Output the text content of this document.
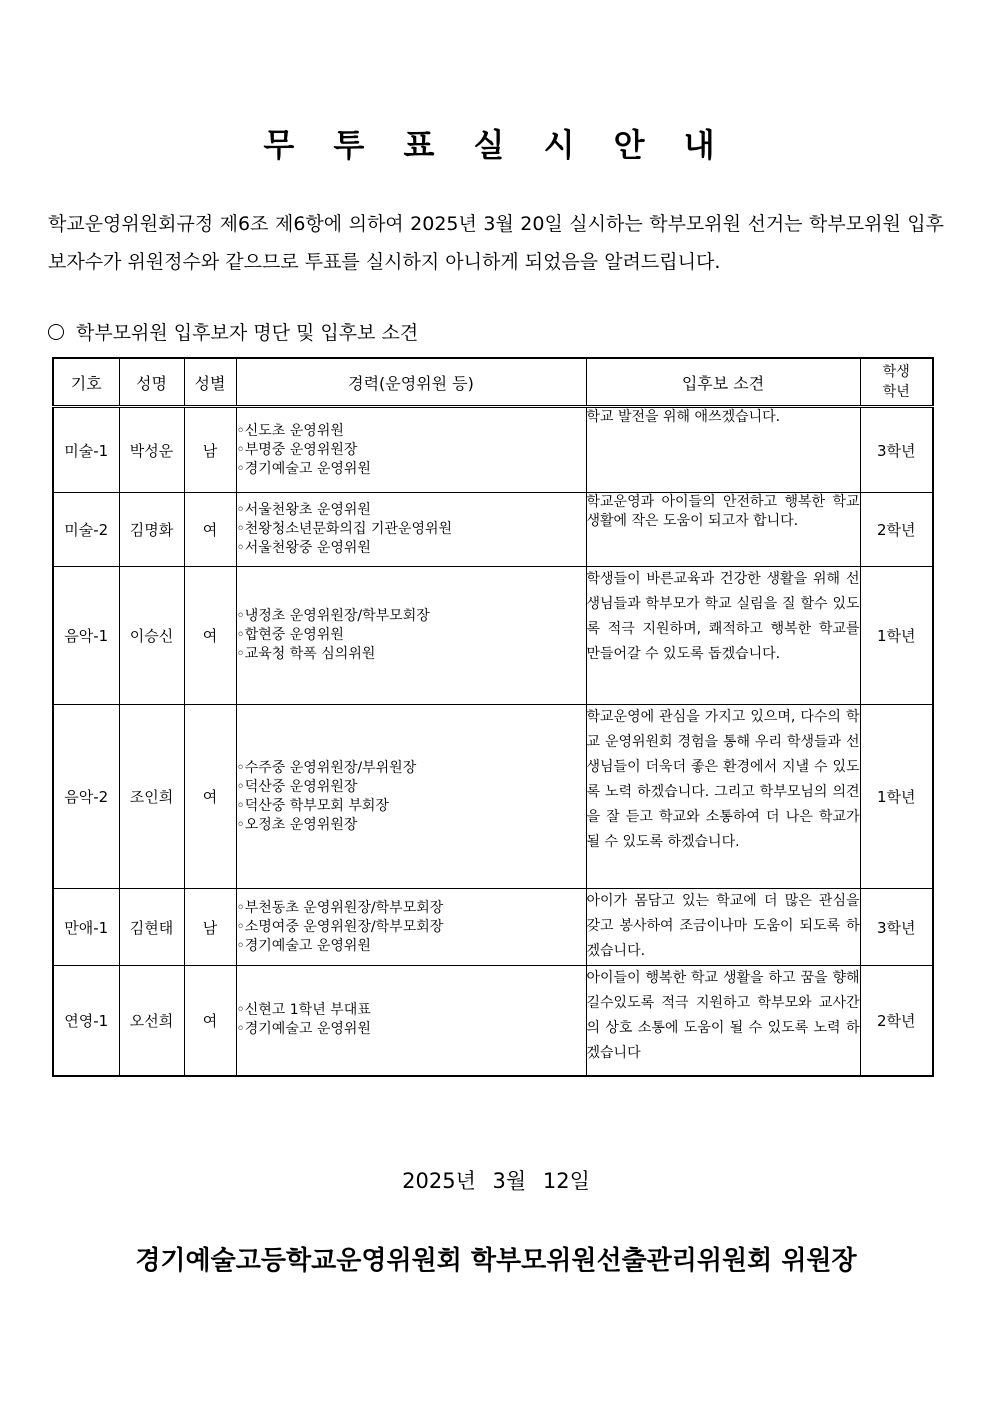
무 투 표 실 시 안 내
학교운영위원회규정 제6조 제6항에 의하여 2025년 3월 20일 실시하는 학부모위원 선거는 학부모위원 입후보자수가 위원정수와 같으므로 투표를 실시하지 아니하게 되었음을 알려드립니다.
학부모위원 입후보자 명단 및 입후보 소견
기호	성명	성별	경력(운영위원 등)	입후보 소견	학생
학년

미술-1	박성운	남	◦신도초 운영위원
◦부명중 운영위원장
◦경기예술고 운영위원	학교 발전을 위해 애쓰겠습니다.	3학년
미술-2	김명화	여	◦서울천왕초 운영위원
◦천왕청소년문화의집 기관운영위원
◦서울천왕중 운영위원	학교운영과 아이들의 안전하고 행복한 학교생활에 작은 도움이 되고자 합니다.	2학년
음악-1	이승신	여	◦냉정초 운영위원장/학부모회장
◦합현중 운영위원
◦교육청 학폭 심의위원	학생들이 바른교육과 건강한 생활을 위해 선생님들과 학부모가 학교 실림을 질 할수 있도록 적극 지원하며, 쾌적하고 행복한 학교를 만들어갈 수 있도록 돕겠습니다.	1학년
음악-2	조인희	여	◦수주중 운영위원장/부위원장
◦덕산중 운영위원장
◦덕산중 학부모회 부회장
◦오정초 운영위원장	학교운영에 관심을 가지고 있으며, 다수의 학교 운영위원회 경험을 통해 우리 학생들과 선생님들이 더욱더 좋은 환경에서 지낼 수 있도록 노력 하겠습니다. 그리고 학부모님의 의견을 잘 듣고 학교와 소통하여 더 나은 학교가 될 수 있도록 하겠습니다.	1학년
만애-1	김현태	남	◦부천동초 운영위원장/학부모회장
◦소명여중 운영위원장/학부모회장
◦경기예술고 운영위원	아이가 몸담고 있는 학교에 더 많은 관심을 갖고 봉사하여 조금이나마 도움이 되도록 하겠습니다.	3학년
연영-1	오선희	여	◦신현고 1학년 부대표
◦경기예술고 운영위원	아이들이 행복한 학교 생활을 하고 꿈을 향해 길수있도록 적극 지원하고 학부모와 교사간의 상호 소통에 도움이 될 수 있도록 노력 하겠습니다	2학년
2025년 3월 12일
경기예술고등학교운영위원회 학부모위원선출관리위원회 위원장
